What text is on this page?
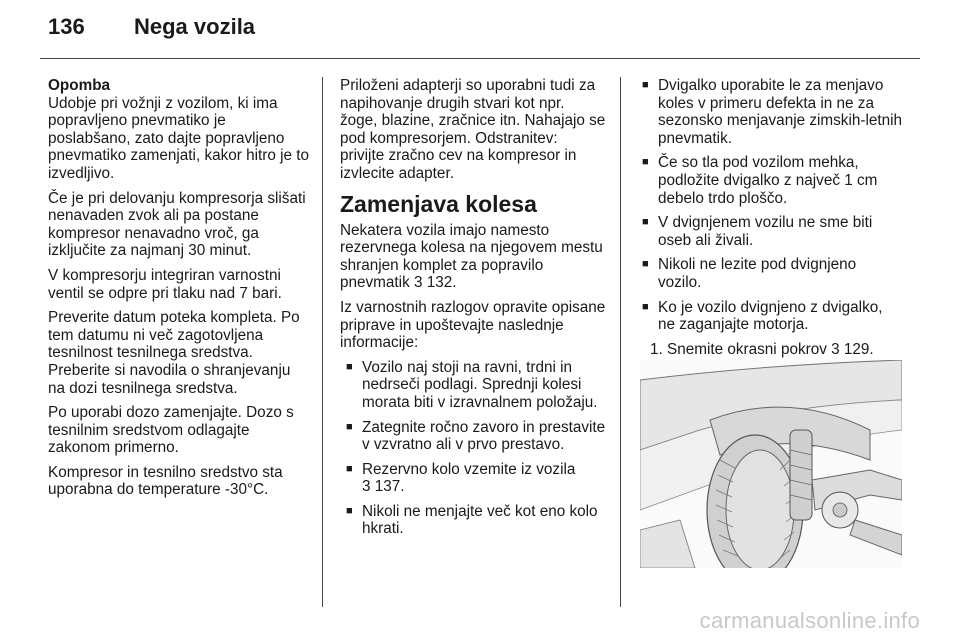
136	Nega vozila

Opomba
Udobje pri vožnji z vozilom, ki ima popravljeno pnevmatiko je poslabšano, zato dajte popravljeno pnevmatiko zamenjati, kakor hitro je to izvedljivo.

Če je pri delovanju kompresorja slišati nenavaden zvok ali pa postane kompresor nenavadno vroč, ga izključite za najmanj 30 minut.

V kompresorju integriran varnostni ventil se odpre pri tlaku nad 7 bari.

Preverite datum poteka kompleta. Po tem datumu ni več zagotovljena tesnilnost tesnilnega sredstva. Preberite si navodila o shranjevanju na dozi tesnilnega sredstva.

Po uporabi dozo zamenjajte. Dozo s tesnilnim sredstvom odlagajte zakonom primerno.

Kompresor in tesnilno sredstvo sta uporabna do temperature -30°C.

Priloženi adapterji so uporabni tudi za napihovanje drugih stvari kot npr. žoge, blazine, zračnice itn. Nahajajo se pod kompresorjem. Odstranitev: privijte zračno cev na kompresor in izvlecite adapter.

Zamenjava kolesa

Nekatera vozila imajo namesto rezervnega kolesa na njegovem mestu shranjen komplet za popravilo pnevmatik 3 132.

Iz varnostnih razlogov opravite opisane priprave in upoštevajte naslednje informacije:

■ Vozilo naj stoji na ravni, trdni in nedrseči podlagi. Sprednji kolesi morata biti v izravnalnem položaju.
■ Zategnite ročno zavoro in prestavite v vzvratno ali v prvo prestavo.
■ Rezervno kolo vzemite iz vozila
3 137.
■ Nikoli ne menjajte več kot eno kolo hkrati.
■ Dvigalko uporabite le za menjavo koles v primeru defekta in ne za sezonsko menjavanje zimskih-letnih pnevmatik.
■ Če so tla pod vozilom mehka, podložite dvigalko z največ 1 cm debelo trdo ploščo.
■ V dvignjenem vozilu ne sme biti oseb ali živali.
■ Nikoli ne lezite pod dvignjeno vozilo.
■ Ko je vozilo dvignjeno z dvigalko, ne zaganjajte motorja.

1. Snemite okrasni pokrov 3 129.

carmanualsonline.info
